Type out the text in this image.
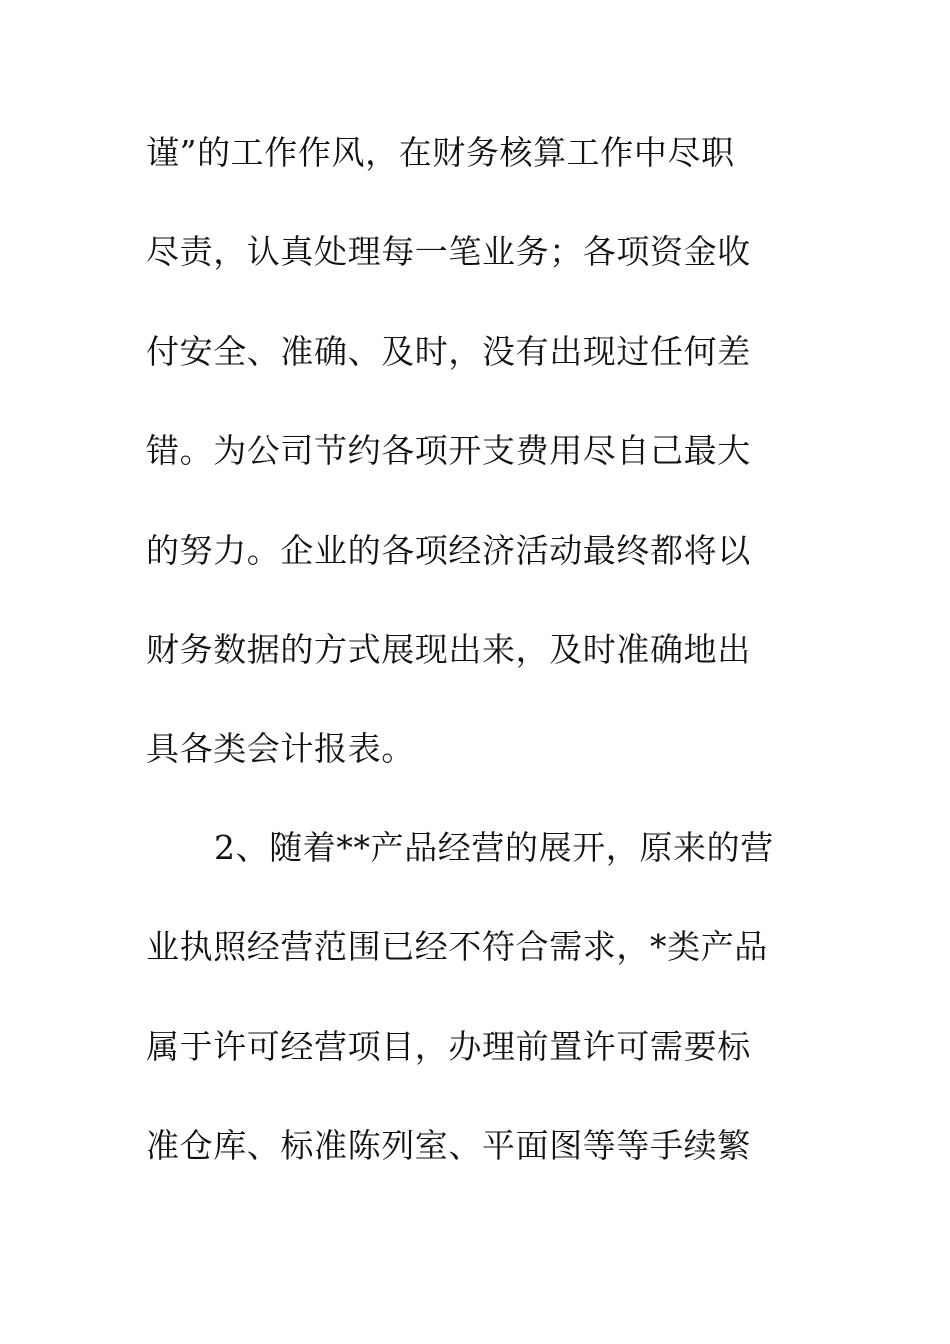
谨”的工作作风，在财务核算工作中尽职
尽责，认真处理每一笔业务；各项资金收
付安全、准确、及时，没有出现过任何差
错。为公司节约各项开支费用尽自己最大
的努力。企业的各项经济活动最终都将以
财务数据的方式展现出来，及时准确地出
具各类会计报表。
2、随着**产品经营的展开，原来的营
业执照经营范围已经不符合需求，*类产品
属于许可经营项目，办理前置许可需要标
准仓库、标准陈列室、平面图等等手续繁
